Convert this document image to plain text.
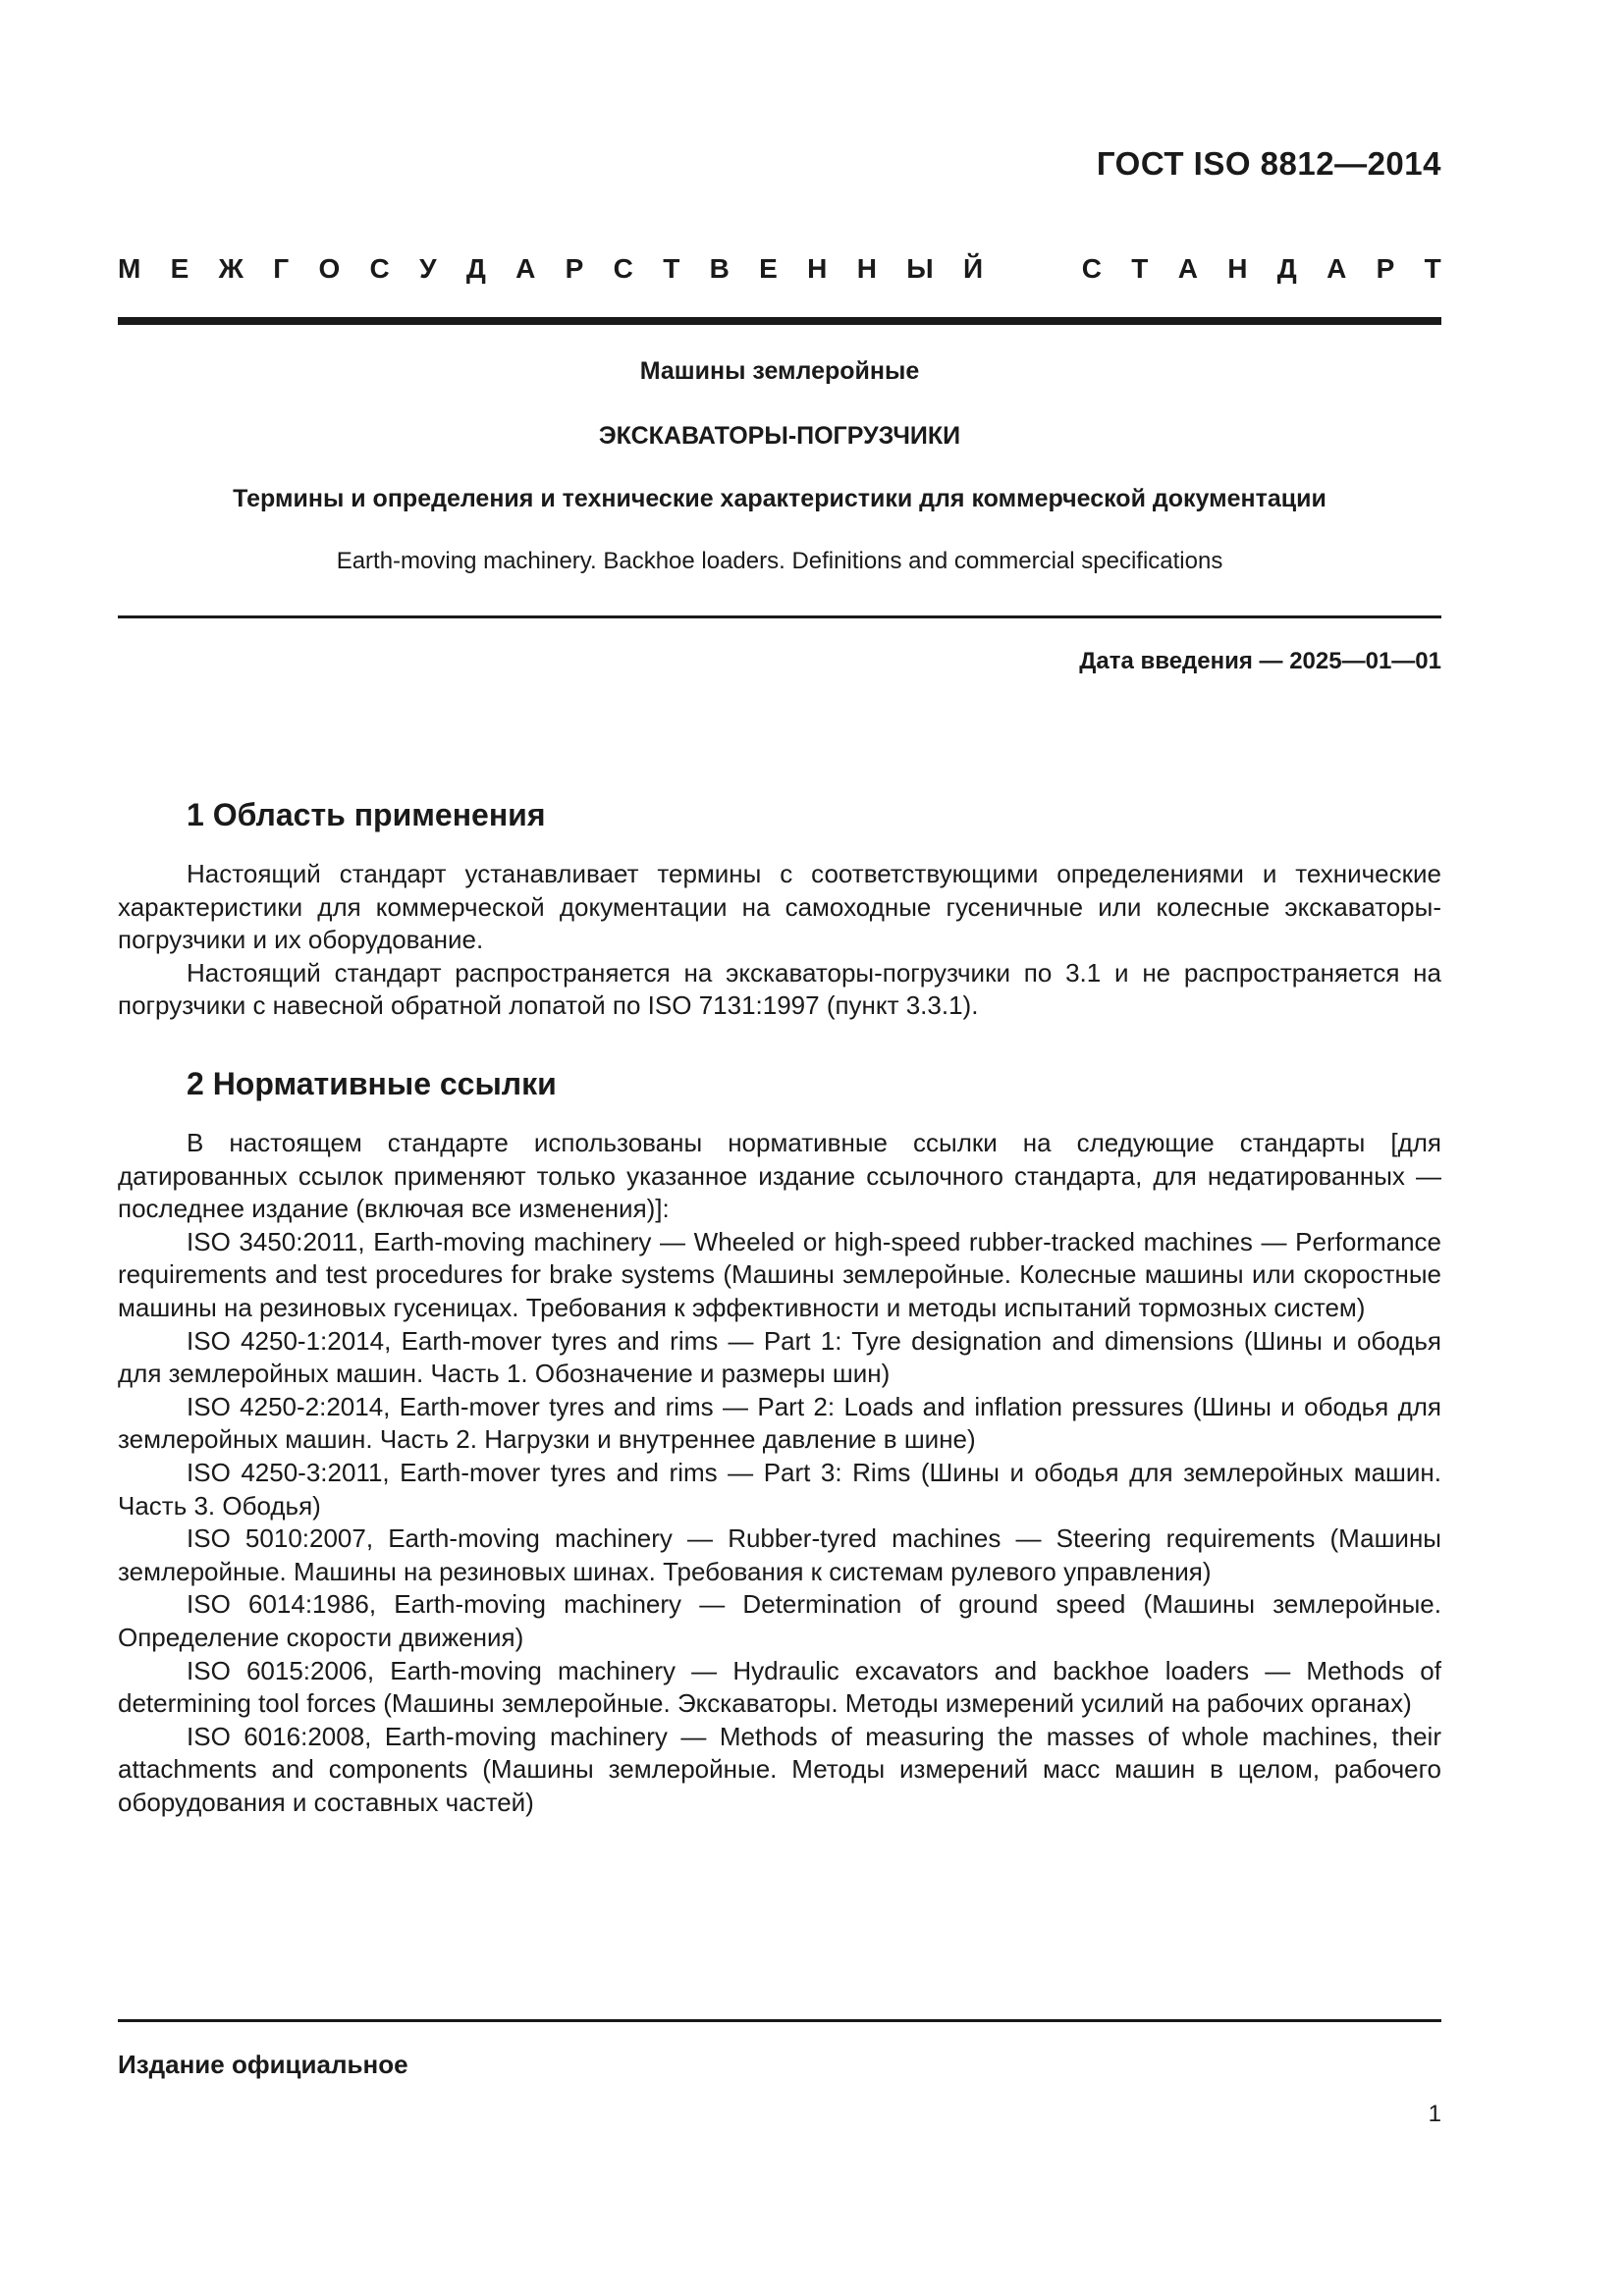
ГОСТ ISO 8812—2014
М Е Ж Г О С У Д А Р С Т В Е Н Н Ы Й	С Т А Н Д А Р Т
Машины землеройные
ЭКСКАВАТОРЫ-ПОГРУЗЧИКИ
Термины и определения и технические характеристики для коммерческой документации
Earth-moving machinery. Backhoe loaders. Definitions and commercial specifications
Дата введения — 2025—01—01
1 Область применения

Настоящий стандарт устанавливает термины с соответствующими определениями и технические характеристики для коммерческой документации на самоходные гусеничные или колесные экскаваторы-погрузчики и их оборудование.

Настоящий стандарт распространяется на экскаваторы-погрузчики по 3.1 и не распространяется на погрузчики с навесной обратной лопатой по ISO 7131:1997 (пункт 3.3.1).

2 Нормативные ссылки

В настоящем стандарте использованы нормативные ссылки на следующие стандарты [для датированных ссылок применяют только указанное издание ссылочного стандарта, для недатированных — последнее издание (включая все изменения)]:

ISO 3450:2011, Earth-moving machinery — Wheeled or high-speed rubber-tracked machines — Performance requirements and test procedures for brake systems (Машины землеройные. Колесные машины или скоростные машины на резиновых гусеницах. Требования к эффективности и методы испытаний тормозных систем)

ISO 4250-1:2014, Earth-mover tyres and rims — Part 1: Tyre designation and dimensions (Шины и ободья для землеройных машин. Часть 1. Обозначение и размеры шин)

ISO 4250-2:2014, Earth-mover tyres and rims — Part 2: Loads and inflation pressures (Шины и ободья для землеройных машин. Часть 2. Нагрузки и внутреннее давление в шине)

ISO 4250-3:2011, Earth-mover tyres and rims — Part 3: Rims (Шины и ободья для землеройных машин. Часть 3. Ободья)

ISO 5010:2007, Earth-moving machinery — Rubber-tyred machines — Steering requirements (Машины землеройные. Машины на резиновых шинах. Требования к системам рулевого управления)

ISO 6014:1986, Earth-moving machinery — Determination of ground speed (Машины землеройные. Определение скорости движения)

ISO 6015:2006, Earth-moving machinery — Hydraulic excavators and backhoe loaders — Methods of determining tool forces (Машины землеройные. Экскаваторы. Методы измерений усилий на рабочих органах)

ISO 6016:2008, Earth-moving machinery — Methods of measuring the masses of whole machines, their attachments and components (Машины землеройные. Методы измерений масс машин в целом, рабочего оборудования и составных частей)

Издание официальное
1
